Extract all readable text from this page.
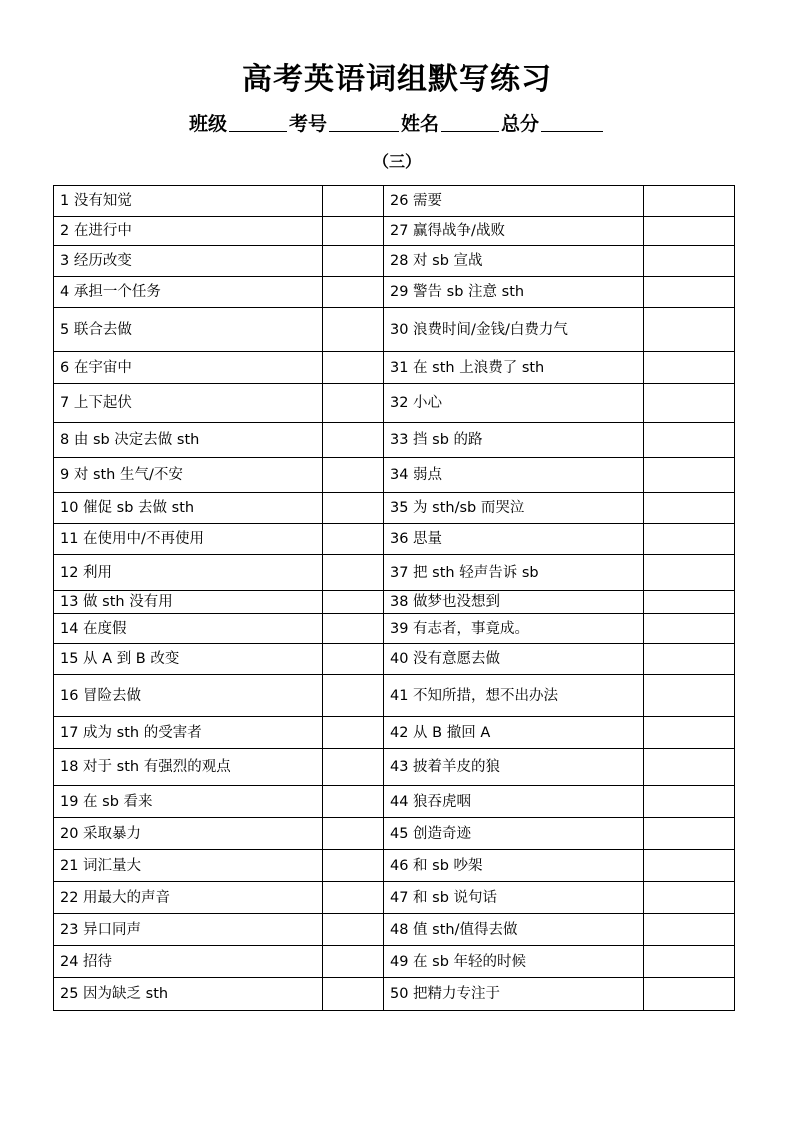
高考英语词组默写练习
班级	考号	姓名	总分
（三）
1 没有知觉		26 需要	
2 在进行中		27 赢得战争/战败	
3 经历改变		28 对 sb 宣战	
4 承担一个任务		29 警告 sb 注意 sth	
5 联合去做		30 浪费时间/金钱/白费力气	
6 在宇宙中		31 在 sth 上浪费了 sth	
7 上下起伏		32 小心	
8 由 sb 决定去做 sth		33 挡 sb 的路	
9 对 sth 生气/不安		34 弱点	
10 催促 sb 去做 sth		35 为 sth/sb 而哭泣	
11 在使用中/不再使用		36 思量	
12 利用		37 把 sth 轻声告诉 sb	
13 做 sth 没有用		38 做梦也没想到	
14 在度假		39 有志者，事竟成。	
15 从 A 到 B 改变		40 没有意愿去做	
16 冒险去做		41 不知所措，想不出办法	
17 成为 sth 的受害者		42 从 B 撤回 A	
18 对于 sth 有强烈的观点		43 披着羊皮的狼	
19 在 sb 看来		44 狼吞虎咽	
20 采取暴力		45 创造奇迹	
21 词汇量大		46 和 sb 吵架	
22 用最大的声音		47 和 sb 说句话	
23 异口同声		48 值 sth/值得去做	
24 招待		49 在 sb 年轻的时候	
25 因为缺乏 sth		50 把精力专注于	
